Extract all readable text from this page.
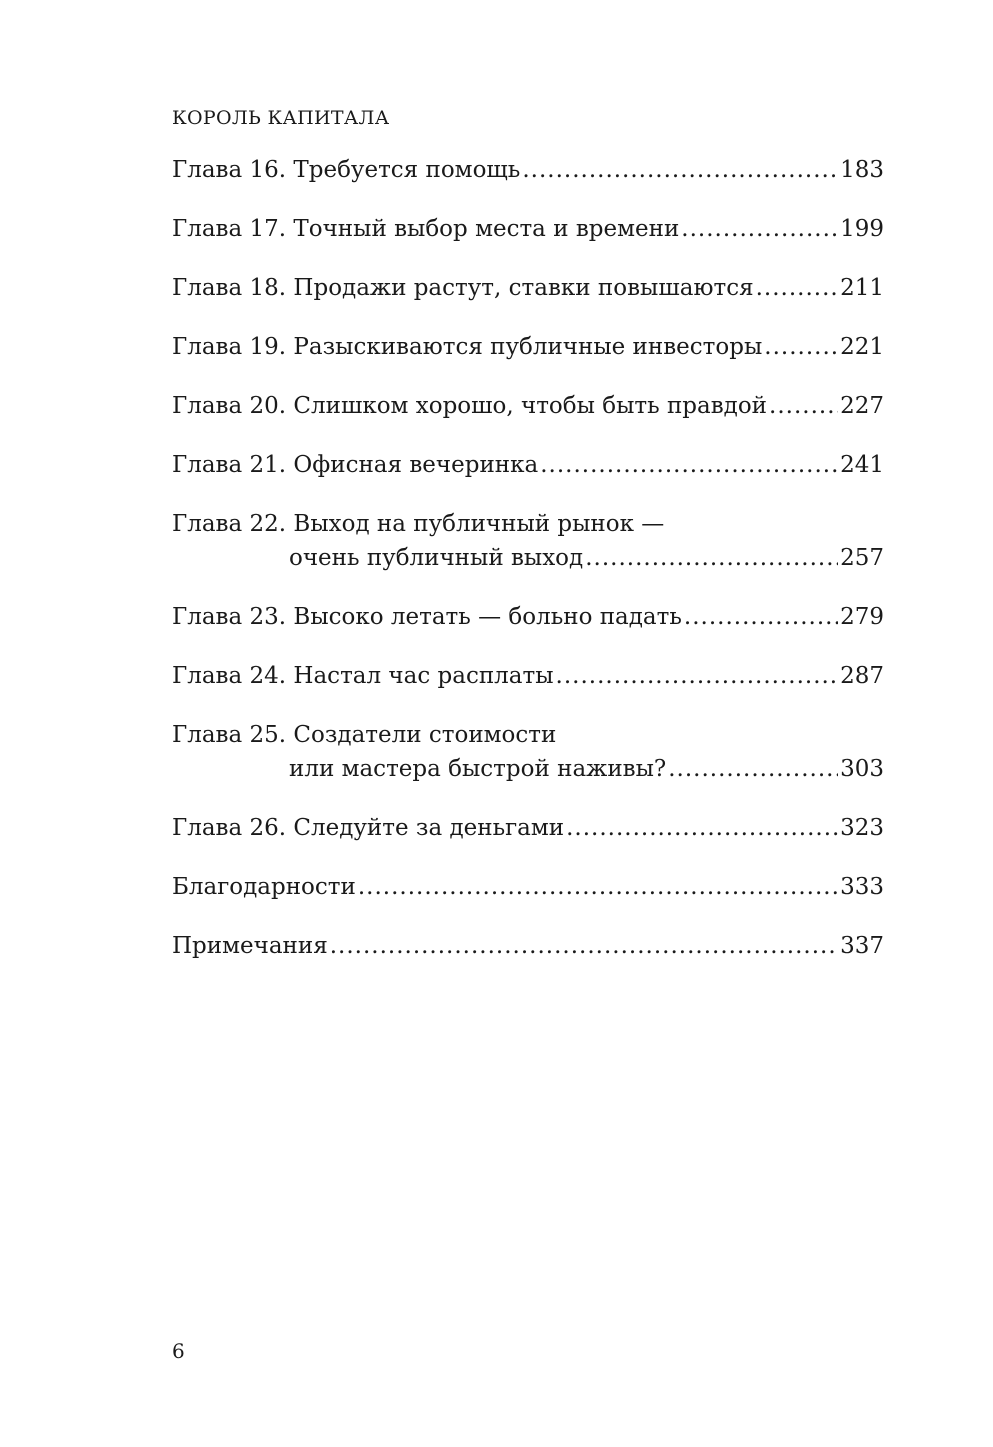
КОРОЛЬ КАПИТАЛА
Глава 16. Требуется помощь .....	183
Глава 17. Точный выбор места и времени .....	199
Глава 18. Продажи растут, ставки повышаются .....	211
Глава 19. Разыскиваются публичные инвесторы .....	221
Глава 20. Слишком хорошо, чтобы быть правдой .....	227
Глава 21. Офисная вечеринка .....	241
Глава 22. Выход на публичный рынок —
очень публичный выход .....	257
Глава 23. Высоко летать — больно падать .....	279
Глава 24. Настал час расплаты .....	287
Глава 25. Создатели стоимости
или мастера быстрой наживы? .....	303
Глава 26. Следуйте за деньгами .....	323
Благодарности .....	333
Примечания .....	337
6
